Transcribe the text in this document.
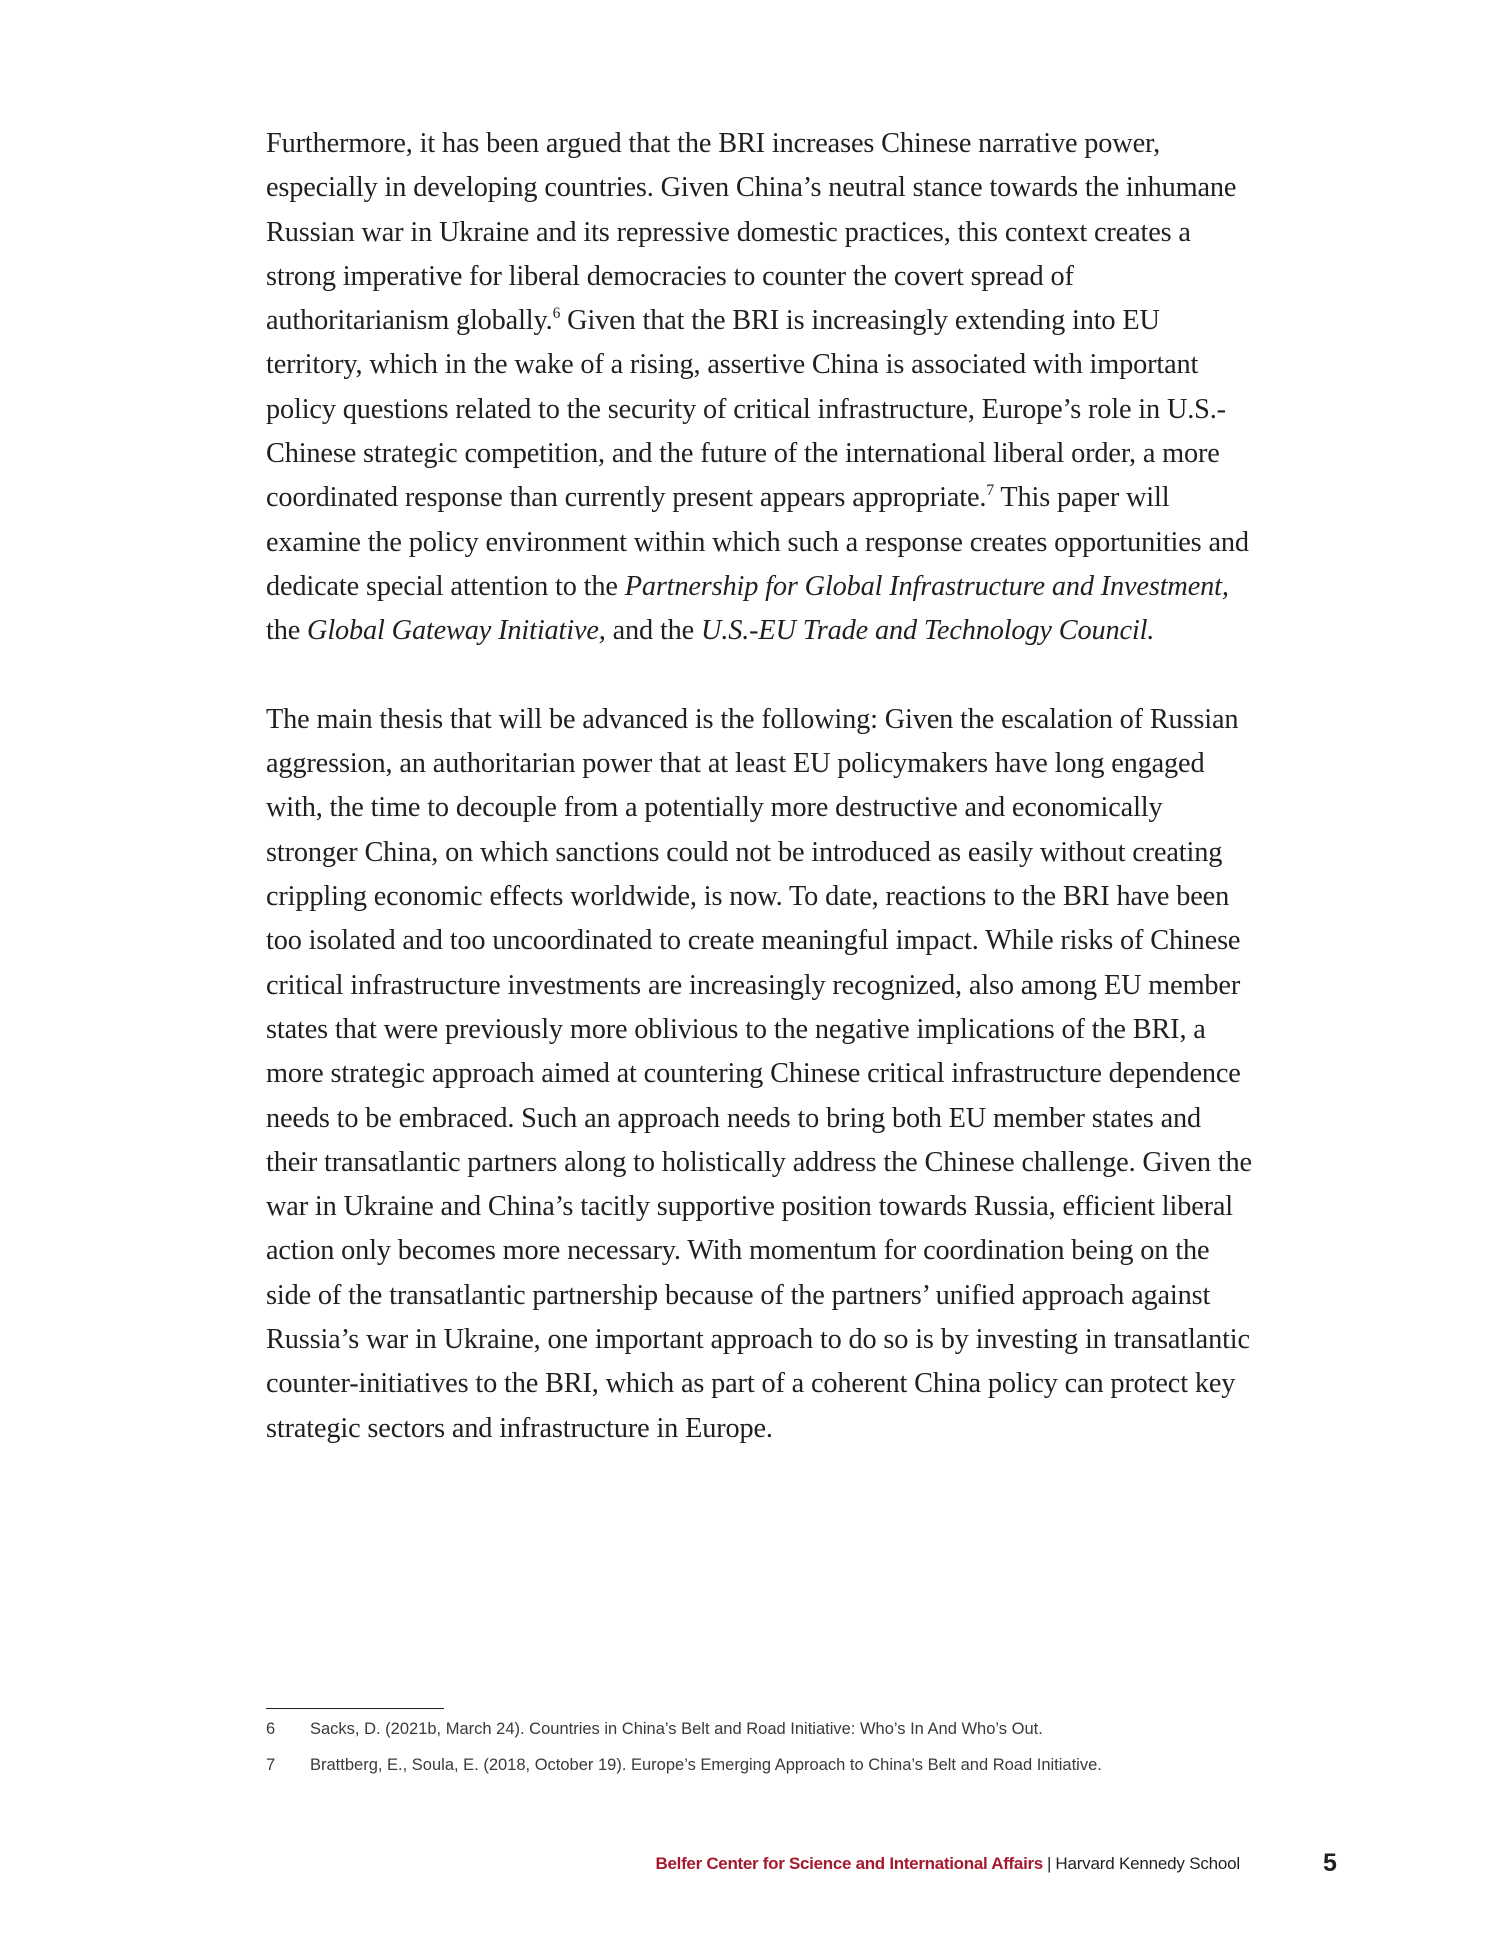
Furthermore, it has been argued that the BRI increases Chinese narrative power, especially in developing countries. Given China’s neutral stance towards the inhumane Russian war in Ukraine and its repressive domestic practices, this context creates a strong imperative for liberal democracies to counter the covert spread of authoritarianism globally.$^6$ Given that the BRI is increasingly extending into EU territory, which in the wake of a rising, assertive China is associated with important policy questions related to the security of critical infrastructure, Europe’s role in U.S.-Chinese strategic competition, and the future of the international liberal order, a more coordinated response than currently present appears appropriate.$^7$ This paper will examine the policy environment within which such a response creates opportunities and dedicate special attention to the Partnership for Global Infrastructure and Investment, the Global Gateway Initiative, and the U.S.-EU Trade and Technology Council.

The main thesis that will be advanced is the following: Given the escalation of Russian aggression, an authoritarian power that at least EU policymakers have long engaged with, the time to decouple from a potentially more destructive and economically stronger China, on which sanctions could not be introduced as easily without creating crippling economic effects worldwide, is now. To date, reactions to the BRI have been too isolated and too uncoordinated to create meaningful impact. While risks of Chinese critical infrastructure investments are increasingly recognized, also among EU member states that were previously more oblivious to the negative implications of the BRI, a more strategic approach aimed at countering Chinese critical infrastructure dependence needs to be embraced. Such an approach needs to bring both EU member states and their transatlantic partners along to holistically address the Chinese challenge. Given the war in Ukraine and China’s tacitly supportive position towards Russia, efficient liberal action only becomes more necessary. With momentum for coordination being on the side of the transatlantic partnership because of the partners’ unified approach against Russia’s war in Ukraine, one important approach to do so is by investing in transatlantic counter-initiatives to the BRI, which as part of a coherent China policy can protect key strategic sectors and infrastructure in Europe.

6	Sacks, D. (2021b, March 24). Countries in China’s Belt and Road Initiative: Who’s In And Who’s Out.
7	Brattberg, E., Soula, E. (2018, October 19). Europe’s Emerging Approach to China’s Belt and Road Initiative.
Belfer Center for Science and International Affairs | Harvard Kennedy School	5
